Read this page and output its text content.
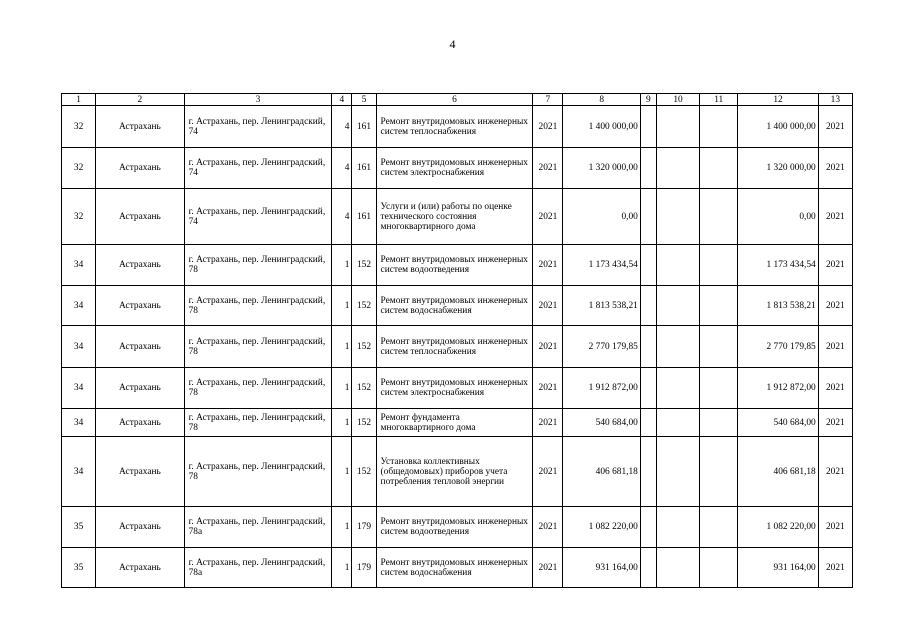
4
1	2	3	4	5	6	7	8	9	10	11	12	13
32	Астрахань	г. Астрахань, пер. Ленинградский, 74	4	161	Ремонт внутридомовых инженерных систем теплоснабжения	2021	1 400 000,00				1 400 000,00	2021
32	Астрахань	г. Астрахань, пер. Ленинградский, 74	4	161	Ремонт внутридомовых инженерных систем электроснабжения	2021	1 320 000,00				1 320 000,00	2021
32	Астрахань	г. Астрахань, пер. Ленинградский, 74	4	161	Услуги и (или) работы по оценке технического состояния многоквартирного дома	2021	0,00				0,00	2021
34	Астрахань	г. Астрахань, пер. Ленинградский, 78	1	152	Ремонт внутридомовых инженерных систем водоотведения	2021	1 173 434,54				1 173 434,54	2021
34	Астрахань	г. Астрахань, пер. Ленинградский, 78	1	152	Ремонт внутридомовых инженерных систем водоснабжения	2021	1 813 538,21				1 813 538,21	2021
34	Астрахань	г. Астрахань, пер. Ленинградский, 78	1	152	Ремонт внутридомовых инженерных систем теплоснабжения	2021	2 770 179,85				2 770 179,85	2021
34	Астрахань	г. Астрахань, пер. Ленинградский, 78	1	152	Ремонт внутридомовых инженерных систем электроснабжения	2021	1 912 872,00				1 912 872,00	2021
34	Астрахань	г. Астрахань, пер. Ленинградский, 78	1	152	Ремонт фундамента многоквартирного дома	2021	540 684,00				540 684,00	2021
34	Астрахань	г. Астрахань, пер. Ленинградский, 78	1	152	Установка коллективных (общедомовых) приборов учета потребления тепловой энергии	2021	406 681,18				406 681,18	2021
35	Астрахань	г. Астрахань, пер. Ленинградский, 78а	1	179	Ремонт внутридомовых инженерных систем водоотведения	2021	1 082 220,00				1 082 220,00	2021
35	Астрахань	г. Астрахань, пер. Ленинградский, 78а	1	179	Ремонт внутридомовых инженерных систем водоснабжения	2021	931 164,00				931 164,00	2021
